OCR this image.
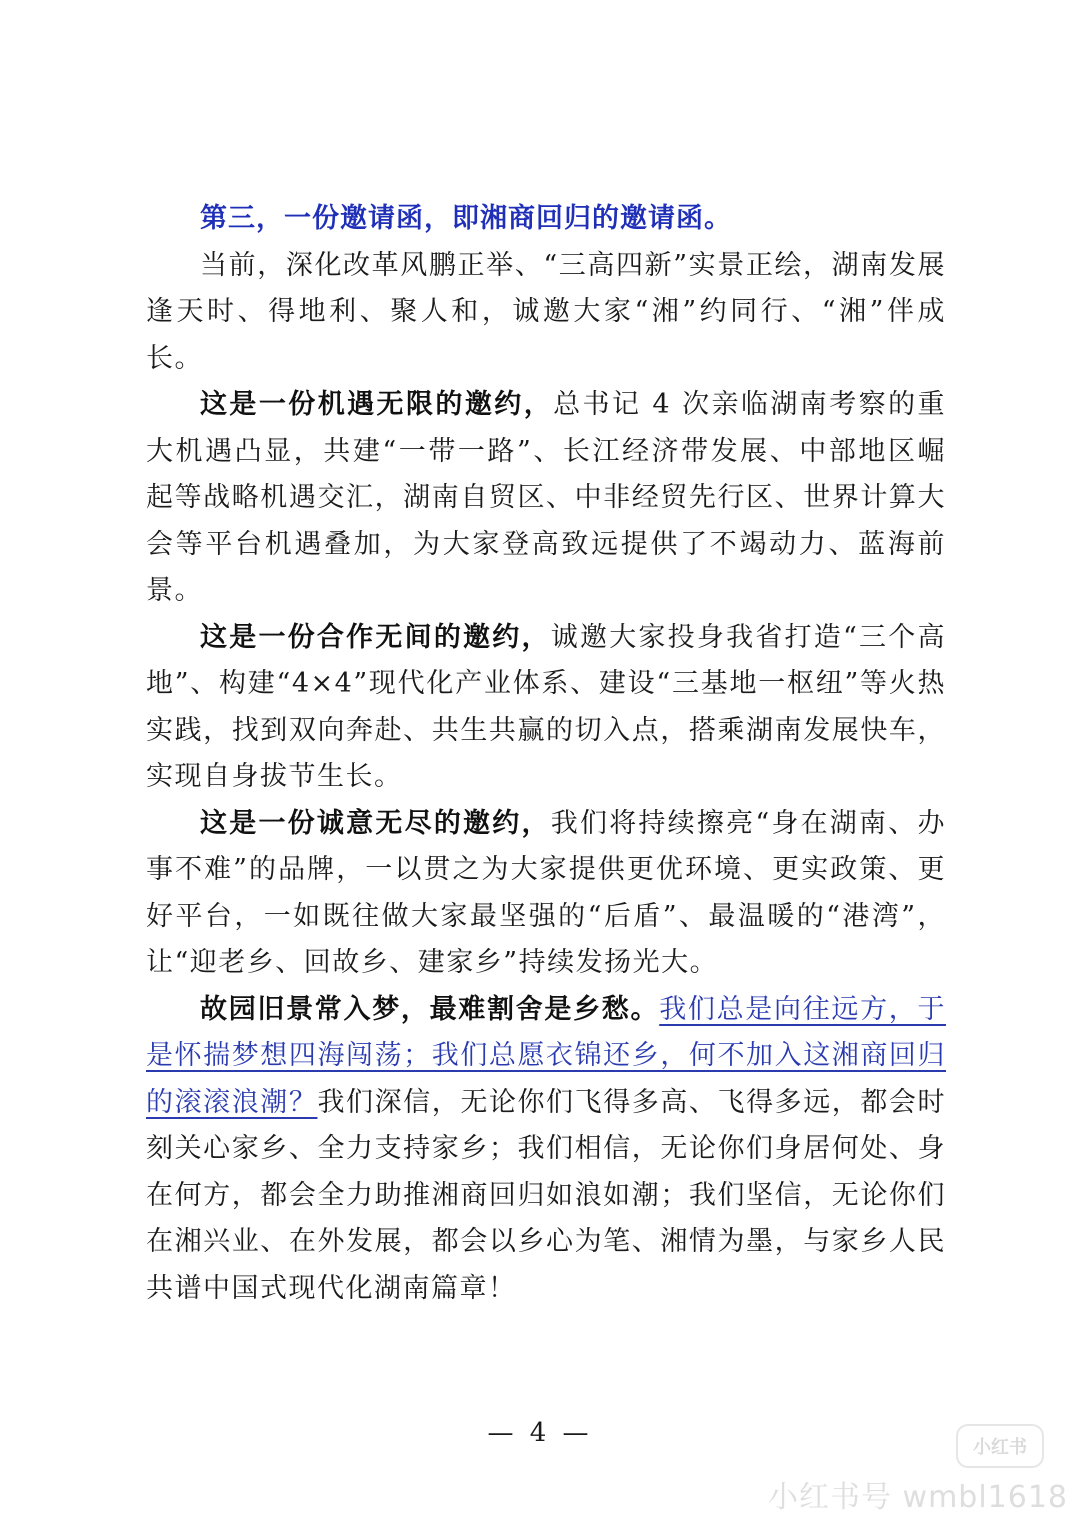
第三，一份邀请函，即湘商回归的邀请函。

当前，深化改革风鹏正举、“三高四新”实景正绘，湖南发展逢天时、得地利、聚人和，诚邀大家“湘”约同行、“湘”伴成长。

这是一份机遇无限的邀约，总书记 4 次亲临湖南考察的重大机遇凸显，共建“一带一路”、长江经济带发展、中部地区崛起等战略机遇交汇，湖南自贸区、中非经贸先行区、世界计算大会等平台机遇叠加，为大家登高致远提供了不竭动力、蓝海前景。

这是一份合作无间的邀约，诚邀大家投身我省打造“三个高地”、构建“4×4”现代化产业体系、建设“三基地一枢纽”等火热实践，找到双向奔赴、共生共赢的切入点，搭乘湖南发展快车，实现自身拔节生长。

这是一份诚意无尽的邀约，我们将持续擦亮“身在湖南、办事不难”的品牌，一以贯之为大家提供更优环境、更实政策、更好平台，一如既往做大家最坚强的“后盾”、最温暖的“港湾”，让“迎老乡、回故乡、建家乡”持续发扬光大。

故园旧景常入梦，最难割舍是乡愁。我们总是向往远方，于是怀揣梦想四海闯荡；我们总愿衣锦还乡，何不加入这湘商回归的滚滚浪潮？我们深信，无论你们飞得多高、飞得多远，都会时刻关心家乡、全力支持家乡；我们相信，无论你们身居何处、身在何方，都会全力助推湘商回归如浪如潮；我们坚信，无论你们在湘兴业、在外发展，都会以乡心为笔、湘情为墨，与家乡人民共谱中国式现代化湖南篇章！

— 4 —	小红书
小红书号 wmbl1618
